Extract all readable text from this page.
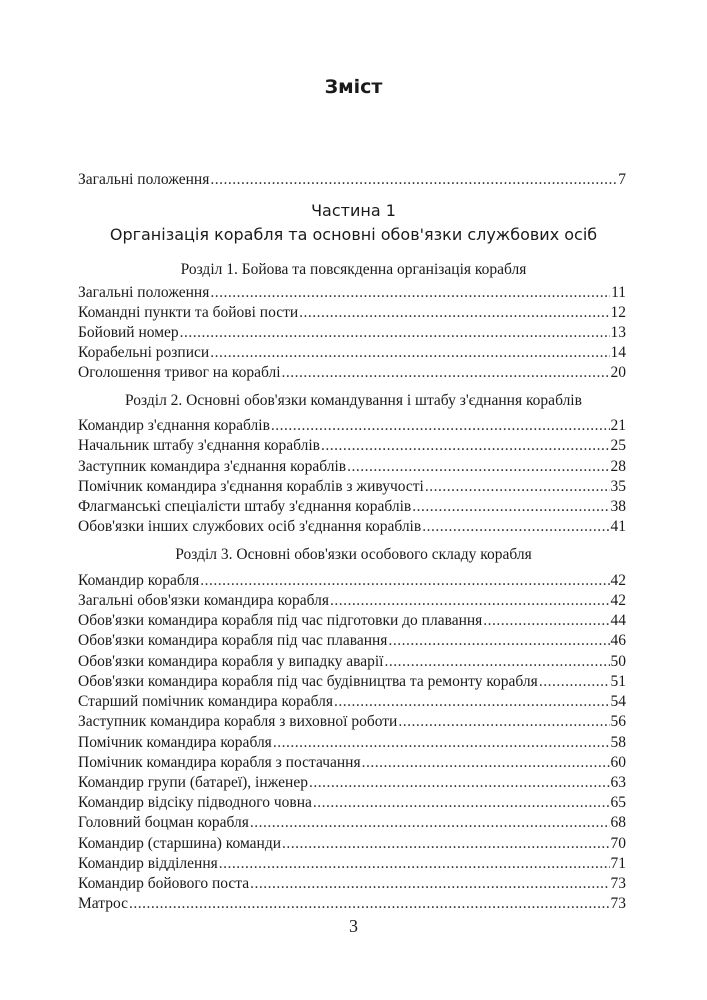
Зміст
Загальні положення .....	7
Частина 1
Організація корабля та основні обов'язки службових осіб
Розділ 1. Бойова та повсякденна організація корабля
Загальні положення .....	11
Командні пункти та бойові пости .....	12
Бойовий номер .....	13
Корабельні розписи .....	14
Оголошення тривог на кораблі .....	20
Розділ 2. Основні обов'язки командування і штабу з'єднання кораблів
Командир з'єднання кораблів .....	21
Начальник штабу з'єднання кораблів .....	25
Заступник командира з'єднання кораблів .....	28
Помічник командира з'єднання кораблів з живучості .....	35
Флагманські спеціалісти штабу з'єднання кораблів .....	38
Обов'язки інших службових осіб з'єднання кораблів .....	41
Розділ 3. Основні обов'язки особового складу корабля
Командир корабля .....	42
Загальні обов'язки командира корабля .....	42
Обов'язки командира корабля під час підготовки до плавання .....	44
Обов'язки командира корабля під час плавання .....	46
Обов'язки командира корабля у випадку аварії .....	50
Обов'язки командира корабля під час будівництва та ремонту корабля .....	51
Старший помічник командира корабля .....	54
Заступник командира корабля з виховної роботи .....	56
Помічник командира корабля .....	58
Помічник командира корабля з постачання .....	60
Командир групи (батареї), інженер .....	63
Командир відсіку підводного човна .....	65
Головний боцман корабля .....	68
Командир (старшина) команди .....	70
Командир відділення .....	71
Командир бойового поста .....	73
Матрос .....	73
3
